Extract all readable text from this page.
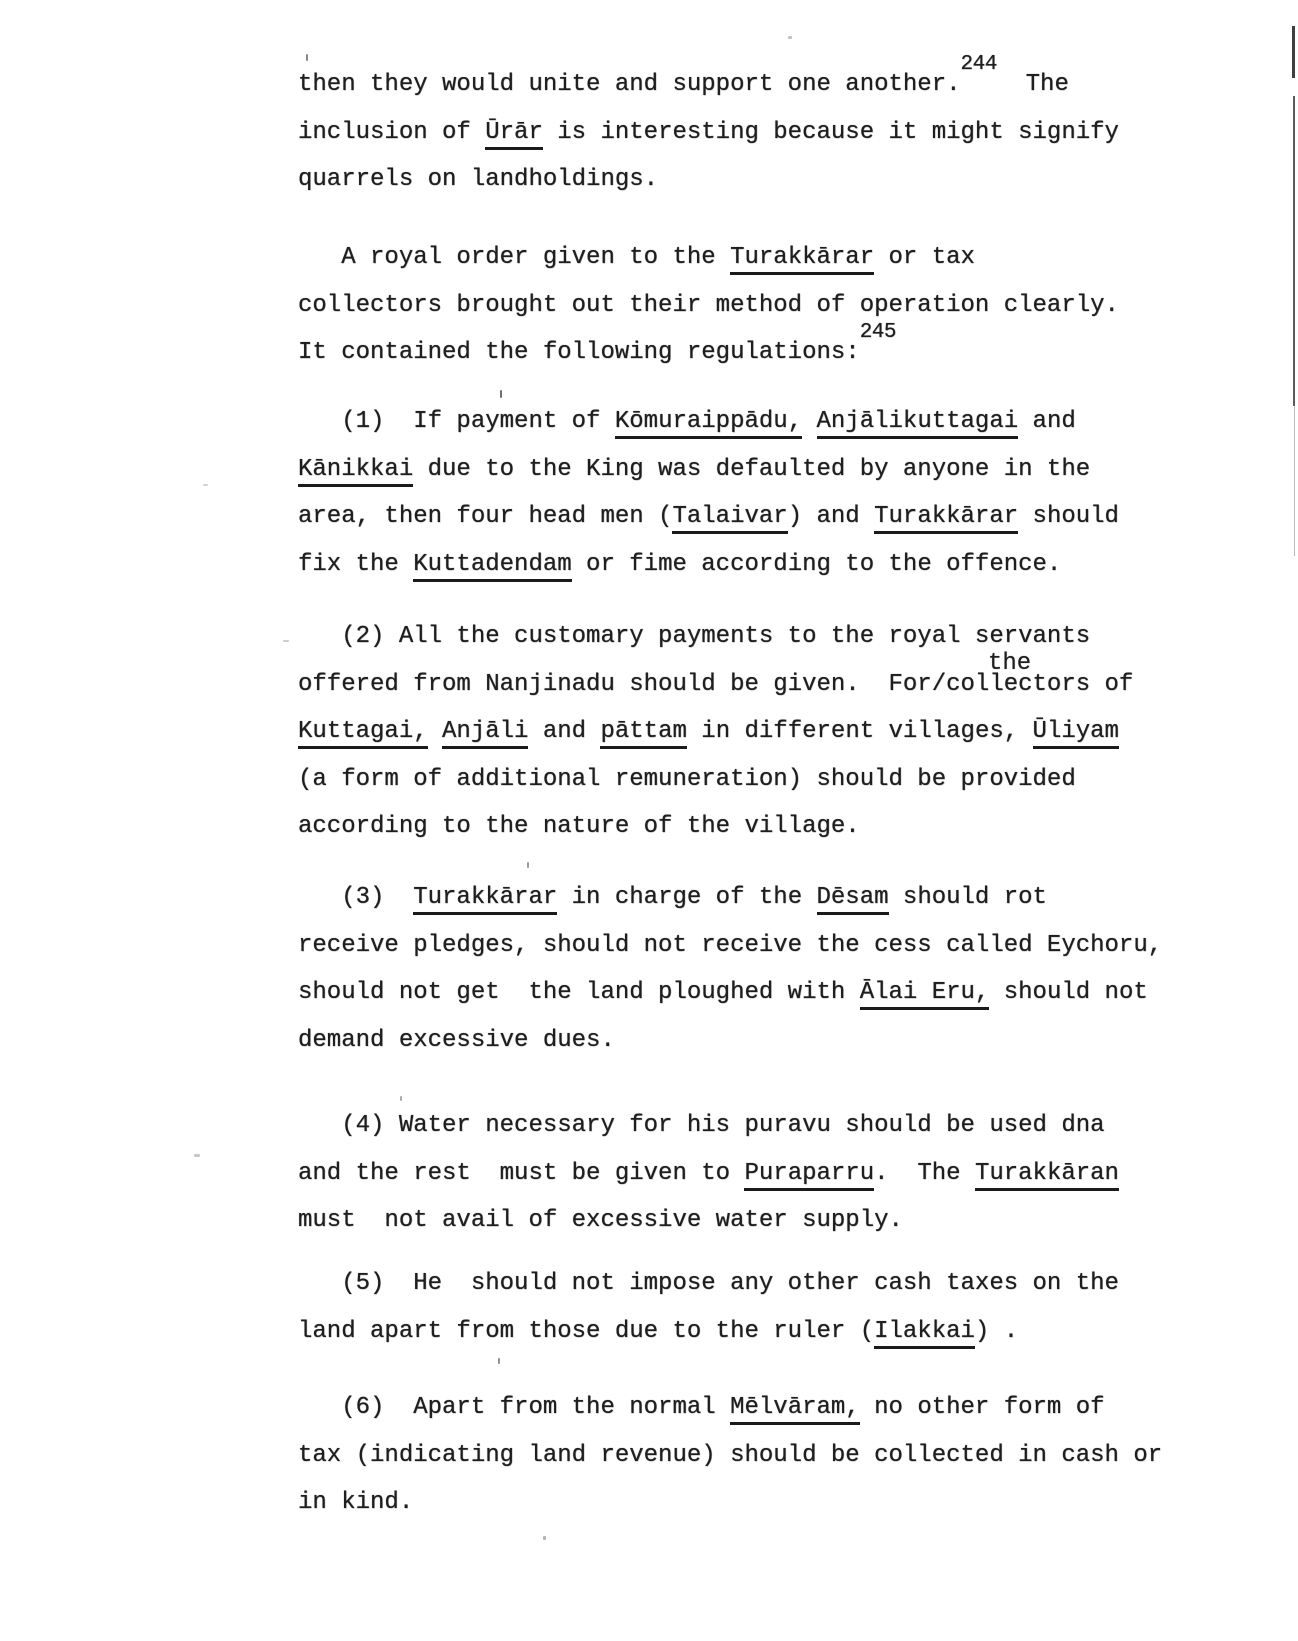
the
then they would unite and support one another.$^{244}$  The
inclusion of Ūrār is interesting because it might signify
quarrels on landholdings.
A royal order given to the Turakkārar or tax
collectors brought out their method of operation clearly.
It contained the following regulations:$^{245}$
(1)  If payment of Kōmuraippādu, Anjālikuttagai and
Kānikkai due to the King was defaulted by anyone in the
area, then four head men (Talaivar) and Turakkārar should
fix the Kuttadendam or fime according to the offence.
(2) All the customary payments to the royal servants
offered from Nanjinadu should be given.  For/collectors of
Kuttagai, Anjāli and pāttam in different villages, Ūliyam
(a form of additional remuneration) should be provided
according to the nature of the village.
(3)  Turakkārar in charge of the Dēsam should rot
receive pledges, should not receive the cess called Eychoru,
should not get  the land ploughed with Ālai Eru, should not
demand excessive dues.
(4) Water necessary for his puravu should be used dna
and the rest  must be given to Puraparru.  The Turakkāran
must  not avail of excessive water supply.
(5)  He  should not impose any other cash taxes on the
land apart from those due to the ruler (Ilakkai) .
(6)  Apart from the normal Mēlvāram, no other form of
tax (indicating land revenue) should be collected in cash or
in kind.
